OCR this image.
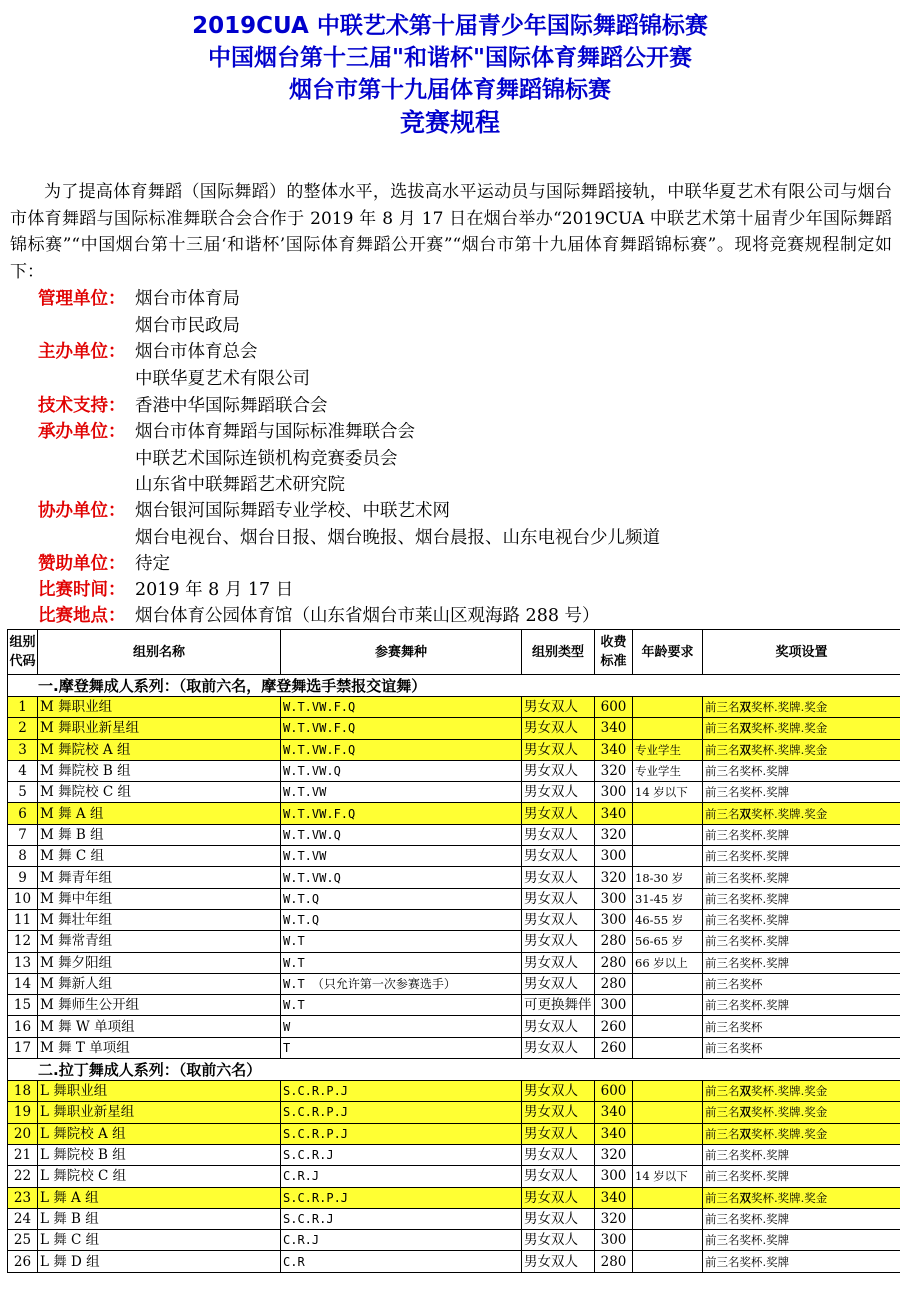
2019CUA 中联艺术第十届青少年国际舞蹈锦标赛
中国烟台第十三届"和谐杯"国际体育舞蹈公开赛
烟台市第十九届体育舞蹈锦标赛
竞赛规程
为了提高体育舞蹈（国际舞蹈）的整体水平，选拔高水平运动员与国际舞蹈接轨，中联华夏艺术有限公司与烟台市体育舞蹈与国际标准舞联合会合作于 2019 年 8 月 17 日在烟台举办“2019CUA 中联艺术第十届青少年国际舞蹈锦标赛”“中国烟台第十三届‘和谐杯’国际体育舞蹈公开赛”“烟台市第十九届体育舞蹈锦标赛”。现将竞赛规程制定如下：
管理单位： 烟台市体育局
烟台市民政局
主办单位： 烟台市体育总会
中联华夏艺术有限公司
技术支持： 香港中华国际舞蹈联合会
承办单位： 烟台市体育舞蹈与国际标准舞联合会
中联艺术国际连锁机构竞赛委员会
山东省中联舞蹈艺术研究院
协办单位： 烟台银河国际舞蹈专业学校、中联艺术网
烟台电视台、烟台日报、烟台晚报、烟台晨报、山东电视台少儿频道
赞助单位： 待定
比赛时间： 2019 年 8 月 17 日
比赛地点： 烟台体育公园体育馆（山东省烟台市莱山区观海路 288 号）
组别代码	组别名称	参赛舞种	组别类型	收费标准	年龄要求	奖项设置
一.摩登舞成人系列：（取前六名，摩登舞选手禁报交谊舞）						
1	M 舞职业组	W.T.VW.F.Q	男女双人	600		前三名双奖杯.奖牌.奖金
2	M 舞职业新星组	W.T.VW.F.Q	男女双人	340		前三名双奖杯.奖牌.奖金
3	M 舞院校 A 组	W.T.VW.F.Q	男女双人	340	专业学生	前三名双奖杯.奖牌.奖金
4	M 舞院校 B 组	W.T.VW.Q	男女双人	320	专业学生	前三名奖杯.奖牌
5	M 舞院校 C 组	W.T.VW	男女双人	300	14 岁以下	前三名奖杯.奖牌
6	M 舞 A 组	W.T.VW.F.Q	男女双人	340		前三名双奖杯.奖牌.奖金
7	M 舞 B 组	W.T.VW.Q	男女双人	320		前三名奖杯.奖牌
8	M 舞 C 组	W.T.VW	男女双人	300		前三名奖杯.奖牌
9	M 舞青年组	W.T.VW.Q	男女双人	320	18-30 岁	前三名奖杯.奖牌
10	M 舞中年组	W.T.Q	男女双人	300	31-45 岁	前三名奖杯.奖牌
11	M 舞壮年组	W.T.Q	男女双人	300	46-55 岁	前三名奖杯.奖牌
12	M 舞常青组	W.T	男女双人	280	56-65 岁	前三名奖杯.奖牌
13	M 舞夕阳组	W.T	男女双人	280	66 岁以上	前三名奖杯.奖牌
14	M 舞新人组	W.T （只允许第一次参赛选手）	男女双人	280		前三名奖杯
15	M 舞师生公开组	W.T	可更换舞伴	300		前三名奖杯.奖牌
16	M 舞 W 单项组	W	男女双人	260		前三名奖杯
17	M 舞 T 单项组	T	男女双人	260		前三名奖杯
二.拉丁舞成人系列：（取前六名）						
18	L 舞职业组	S.C.R.P.J	男女双人	600		前三名双奖杯.奖牌.奖金
19	L 舞职业新星组	S.C.R.P.J	男女双人	340		前三名双奖杯.奖牌.奖金
20	L 舞院校 A 组	S.C.R.P.J	男女双人	340		前三名双奖杯.奖牌.奖金
21	L 舞院校 B 组	S.C.R.J	男女双人	320		前三名奖杯.奖牌
22	L 舞院校 C 组	C.R.J	男女双人	300	14 岁以下	前三名奖杯.奖牌
23	L 舞 A 组	S.C.R.P.J	男女双人	340		前三名双奖杯.奖牌.奖金
24	L 舞 B 组	S.C.R.J	男女双人	320		前三名奖杯.奖牌
25	L 舞 C 组	C.R.J	男女双人	300		前三名奖杯.奖牌
26	L 舞 D 组	C.R	男女双人	280		前三名奖杯.奖牌
